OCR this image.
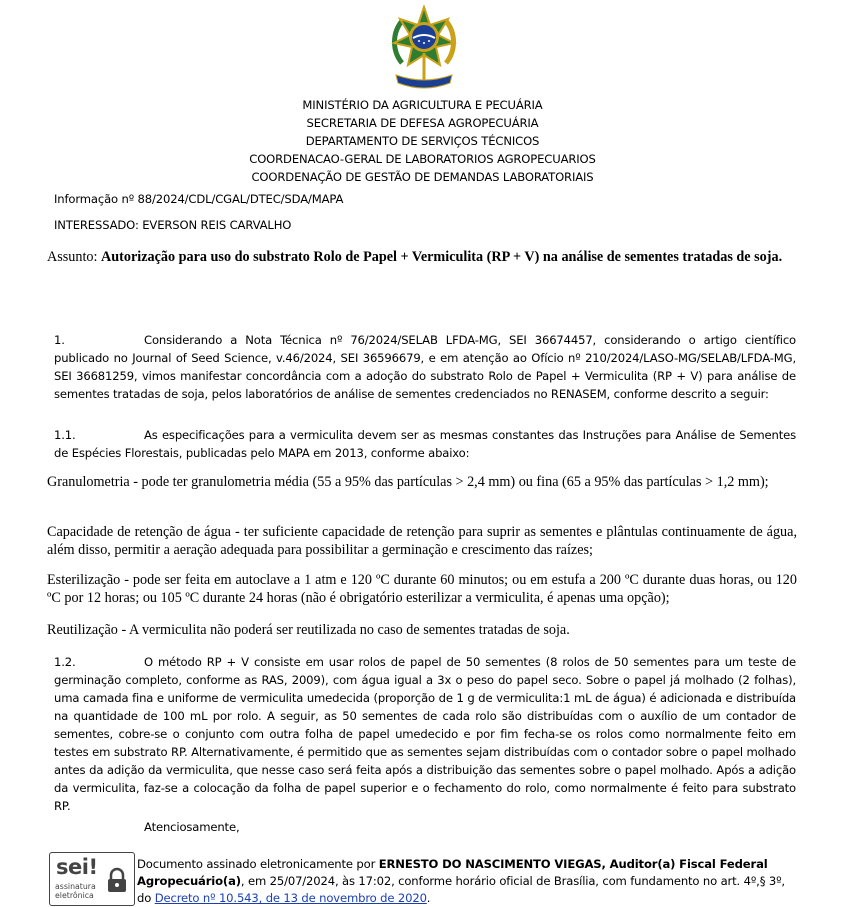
MINISTÉRIO DA AGRICULTURA E PECUÁRIA
SECRETARIA DE DEFESA AGROPECUÁRIA
DEPARTAMENTO DE SERVIÇOS TÉCNICOS
COORDENACAO-GERAL DE LABORATORIOS AGROPECUARIOS
COORDENAÇÃO DE GESTÃO DE DEMANDAS LABORATORIAIS
Informação nº 88/2024/CDL/CGAL/DTEC/SDA/MAPA
INTERESSADO: EVERSON REIS CARVALHO
Assunto: Autorização para uso do substrato Rolo de Papel + Vermiculita (RP + V) na análise de sementes tratadas de soja.
1.	Considerando a Nota Técnica nº 76/2024/SELAB LFDA-MG, SEI 36674457, considerando o artigo científico publicado no Journal of Seed Science, v.46/2024, SEI 36596679, e em atenção ao Ofício nº 210/2024/LASO-MG/SELAB/LFDA-MG, SEI 36681259, vimos manifestar concordância com a adoção do substrato Rolo de Papel + Vermiculita (RP + V) para análise de sementes tratadas de soja, pelos laboratórios de análise de sementes credenciados no RENASEM, conforme descrito a seguir:
1.1.	As especificações para a vermiculita devem ser as mesmas constantes das Instruções para Análise de Sementes de Espécies Florestais, publicadas pelo MAPA em 2013, conforme abaixo:
Granulometria - pode ter granulometria média (55 a 95% das partículas > 2,4 mm) ou fina (65 a 95% das partículas > 1,2 mm);
Capacidade de retenção de água - ter suficiente capacidade de retenção para suprir as sementes e plântulas continuamente de água, além disso, permitir a aeração adequada para possibilitar a germinação e crescimento das raízes;
Esterilização - pode ser feita em autoclave a 1 atm e 120 ºC durante 60 minutos; ou em estufa a 200 ºC durante duas horas, ou 120 ºC por 12 horas; ou 105 ºC durante 24 horas (não é obrigatório esterilizar a vermiculita, é apenas uma opção);
Reutilização - A vermiculita não poderá ser reutilizada no caso de sementes tratadas de soja.
1.2.	O método RP + V consiste em usar rolos de papel de 50 sementes (8 rolos de 50 sementes para um teste de germinação completo, conforme as RAS, 2009), com água igual a 3x o peso do papel seco. Sobre o papel já molhado (2 folhas), uma camada fina e uniforme de vermiculita umedecida (proporção de 1 g de vermiculita:1 mL de água) é adicionada e distribuída na quantidade de 100 mL por rolo. A seguir, as 50 sementes de cada rolo são distribuídas com o auxílio de um contador de sementes, cobre-se o conjunto com outra folha de papel umedecido e por fim fecha-se os rolos como normalmente feito em testes em substrato RP. Alternativamente, é permitido que as sementes sejam distribuídas com o contador sobre o papel molhado antes da adição da vermiculita, que nesse caso será feita após a distribuição das sementes sobre o papel molhado. Após a adição da vermiculita, faz-se a colocação da folha de papel superior e o fechamento do rolo, como normalmente é feito para substrato RP.
Atenciosamente,
sei!
assinatura
eletrônica
Documento assinado eletronicamente por ERNESTO DO NASCIMENTO VIEGAS, Auditor(a) Fiscal Federal Agropecuário(a), em 25/07/2024, às 17:02, conforme horário oficial de Brasília, com fundamento no art. 4º,§ 3º, do Decreto nº 10.543, de 13 de novembro de 2020.
